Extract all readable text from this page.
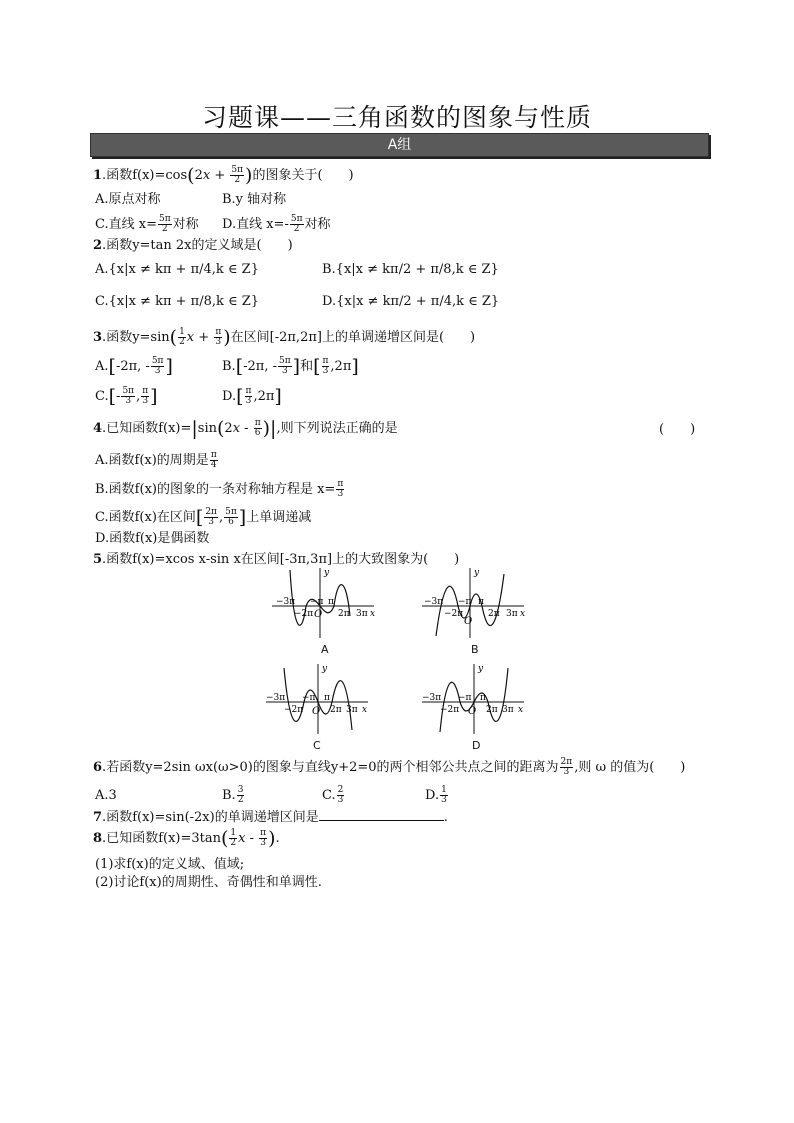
习题课——三角函数的图象与性质
A组
1.函数$f(x)=\cos(2x + \frac{5\pi}{2}$ )的图象关于(　　)
A.原点对称	B.y 轴对称
C.直线 $x= \frac{5\pi}{2}$ 对称 D.直线 $x=- \frac{5\pi}{2}$ 对称
2.函数y=tan 2x的定义域是(　　)
A.{x|x ≠ kπ + π/4,k ∈ Z}	B.{x|x ≠ kπ/2 + π/8,k ∈ Z}
C.{x|x ≠ kπ + π/8,k ∈ Z}	D.{x|x ≠ kπ/2 + π/4,k ∈ Z}
3.函数$y=\sin( \frac{1}{2}$ $x + \frac{\pi}{3}$ )在区间[-2π,2π]上的单调递增区间是(　　)
A.[-2π, - $\frac{5\pi}{3}$ ]	B.[-2π, - $\frac{5\pi}{3}$ ]和[ $\frac{\pi}{3} ,2\pi$]
$C.[- \frac{5\pi}{3}$ , $\frac{\pi}{3}$ ]	$D.[ \frac{\pi}{3} ,2\pi]$
4.已知函数$f(x)=|\sin(2x - \frac{\pi}{6}$ )|,则下列说法正确的是	(　　)
A.函数f(x)的周期是 $\frac{\pi}{4}$
B.函数f(x)的图象的一条对称轴方程是 $x= \frac{\pi}{3}$
C.函数f(x)在区间[ $\frac{2\pi}{3}$ , $\frac{5\pi}{6}$ ]上单调递减
D.函数f(x)是偶函数
5.函数f(x)=xcos x-sin x在区间[-3π,3π]上的大致图象为(　　)
−3π
−2π
−π
O
π
2π 3π x
y
A
−3π
−2π
−π
O
π
2π 3π x
y
B
−3π
−2π
−π
O
π
2π 3π x
y
C
−3π
−2π
−π
O
π
2π 3π x
y
D
6.若函数y=2sin ωx(ω>0)的图象与直线y+2=0的两个相邻公共点之间的距离为 $\frac{2\pi}{3}$ ,则 ω 的值为(　　)
A.3	B. $\frac{3}{2}$	C. $\frac{2}{3}$	D. $\frac{1}{3}$
7.函数f(x)=sin(-2x)的单调递增区间是	.
8.已知函数$f(x)=3\tan( \frac{1}{2}$ x - $\frac{\pi}{3}$ ).
(1)求f(x)的定义域、值域;
(2)讨论f(x)的周期性、奇偶性和单调性.
